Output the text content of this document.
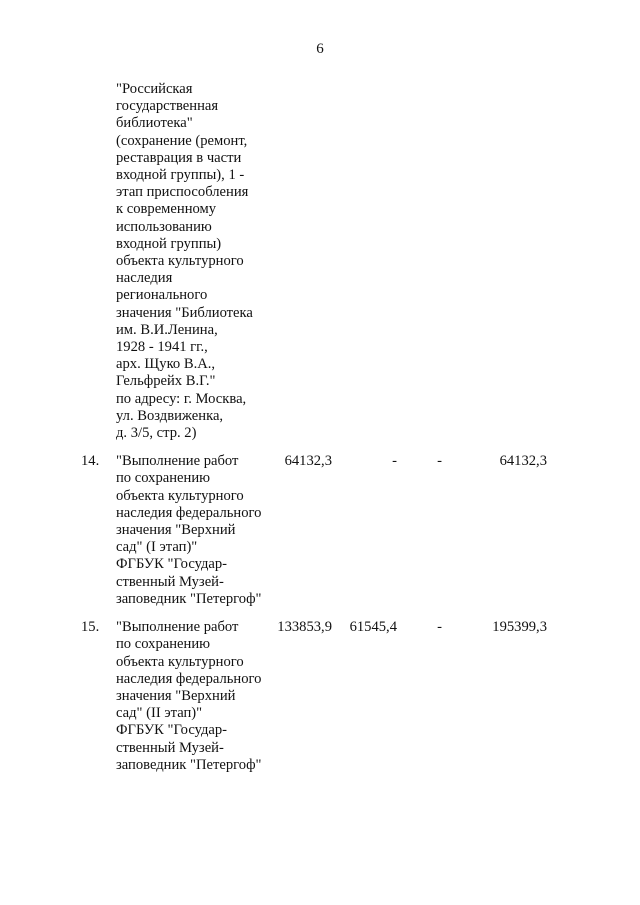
6
"Российская
государственная
библиотека"
(сохранение (ремонт,
реставрация в части
входной группы), 1 -
этап приспособления
к современному
использованию
входной группы)
объекта культурного
наследия
регионального
значения "Библиотека
им. В.И.Ленина,
1928 - 1941 гг.,
арх. Щуко В.А.,
Гельфрейх В.Г."
по адресу: г. Москва,
ул. Воздвиженка,
д. 3/5, стр. 2)
14. "Выполнение работ
по сохранению
объекта культурного
наследия федерального
значения "Верхний
сад" (I этап)"
ФГБУК "Государ-
ственный Музей-
заповедник "Петергоф"
64132,3	-	-	64132,3
15. "Выполнение работ
по сохранению
объекта культурного
наследия федерального
значения "Верхний
сад" (II этап)"
ФГБУК "Государ-
ственный Музей-
заповедник "Петергоф"
133853,9 61545,4	-	195399,3
